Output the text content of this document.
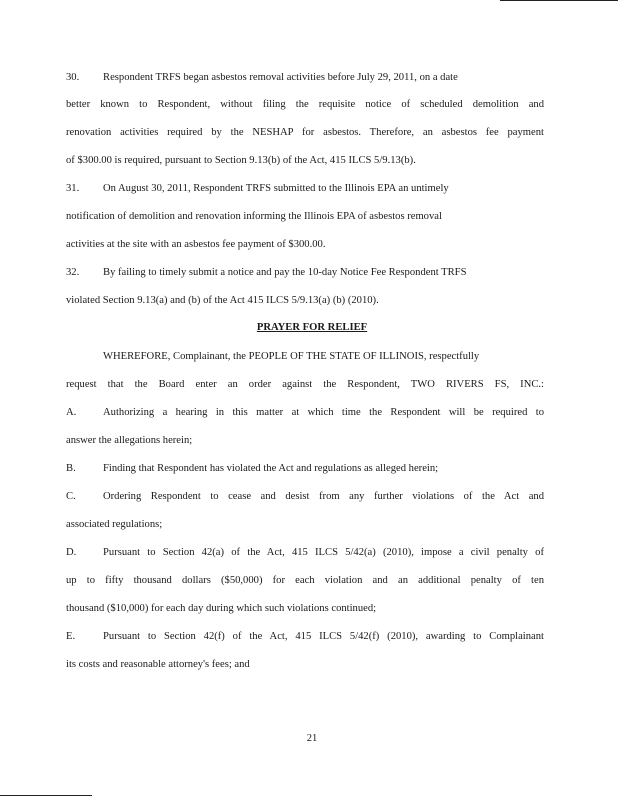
30. Respondent TRFS began asbestos removal activities before July 29, 2011, on a date
better known to Respondent, without filing the requisite notice of scheduled demolition and
renovation activities required by the NESHAP for asbestos. Therefore, an asbestos fee payment
of $300.00 is required, pursuant to Section 9.13(b) of the Act, 415 ILCS 5/9.13(b).
31. On August 30, 2011, Respondent TRFS submitted to the Illinois EPA an untimely
notification of demolition and renovation informing the Illinois EPA of asbestos removal
activities at the site with an asbestos fee payment of $300.00.
32. By failing to timely submit a notice and pay the 10-day Notice Fee Respondent TRFS
violated Section 9.13(a) and (b) of the Act 415 ILCS 5/9.13(a) (b) (2010).
PRAYER FOR RELIEF
WHEREFORE, Complainant, the PEOPLE OF THE STATE OF ILLINOIS, respectfully
request that the Board enter an order against the Respondent, TWO RIVERS FS, INC.:
A.	Authorizing a hearing in this matter at which time the Respondent will be required to
answer the allegations herein;
B.	Finding that Respondent has violated the Act and regulations as alleged herein;
C.	Ordering Respondent to cease and desist from any further violations of the Act and
associated regulations;
D.	Pursuant to Section 42(a) of the Act, 415 ILCS 5/42(a) (2010), impose a civil penalty of
up to fifty thousand dollars ($50,000) for each violation and an additional penalty of ten
thousand ($10,000) for each day during which such violations continued;
E.	Pursuant to Section 42(f) of the Act, 415 ILCS 5/42(f) (2010), awarding to Complainant
its costs and reasonable attorney's fees; and
21
